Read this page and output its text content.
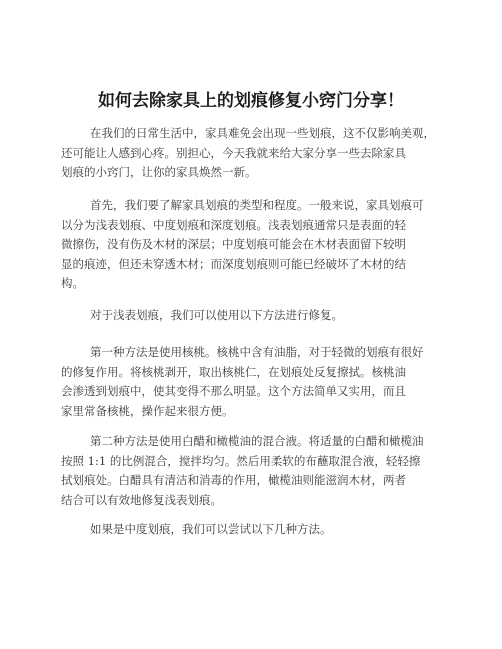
如何去除家具上的划痕修复小窍门分享！

在我们的日常生活中，家具难免会出现一些划痕，这不仅影响美观，
还可能让人感到心疼。别担心，今天我就来给大家分享一些去除家具
划痕的小窍门，让你的家具焕然一新。

首先，我们要了解家具划痕的类型和程度。一般来说，家具划痕可
以分为浅表划痕、中度划痕和深度划痕。浅表划痕通常只是表面的轻
微擦伤，没有伤及木材的深层；中度划痕可能会在木材表面留下较明
显的痕迹，但还未穿透木材；而深度划痕则可能已经破坏了木材的结
构。

对于浅表划痕，我们可以使用以下方法进行修复。

第一种方法是使用核桃。核桃中含有油脂，对于轻微的划痕有很好
的修复作用。将核桃剥开，取出核桃仁，在划痕处反复擦拭。核桃油
会渗透到划痕中，使其变得不那么明显。这个方法简单又实用，而且
家里常备核桃，操作起来很方便。

第二种方法是使用白醋和橄榄油的混合液。将适量的白醋和橄榄油
按照 1:1 的比例混合，搅拌均匀。然后用柔软的布蘸取混合液，轻轻擦
拭划痕处。白醋具有清洁和消毒的作用，橄榄油则能滋润木材，两者
结合可以有效地修复浅表划痕。

如果是中度划痕，我们可以尝试以下几种方法。
